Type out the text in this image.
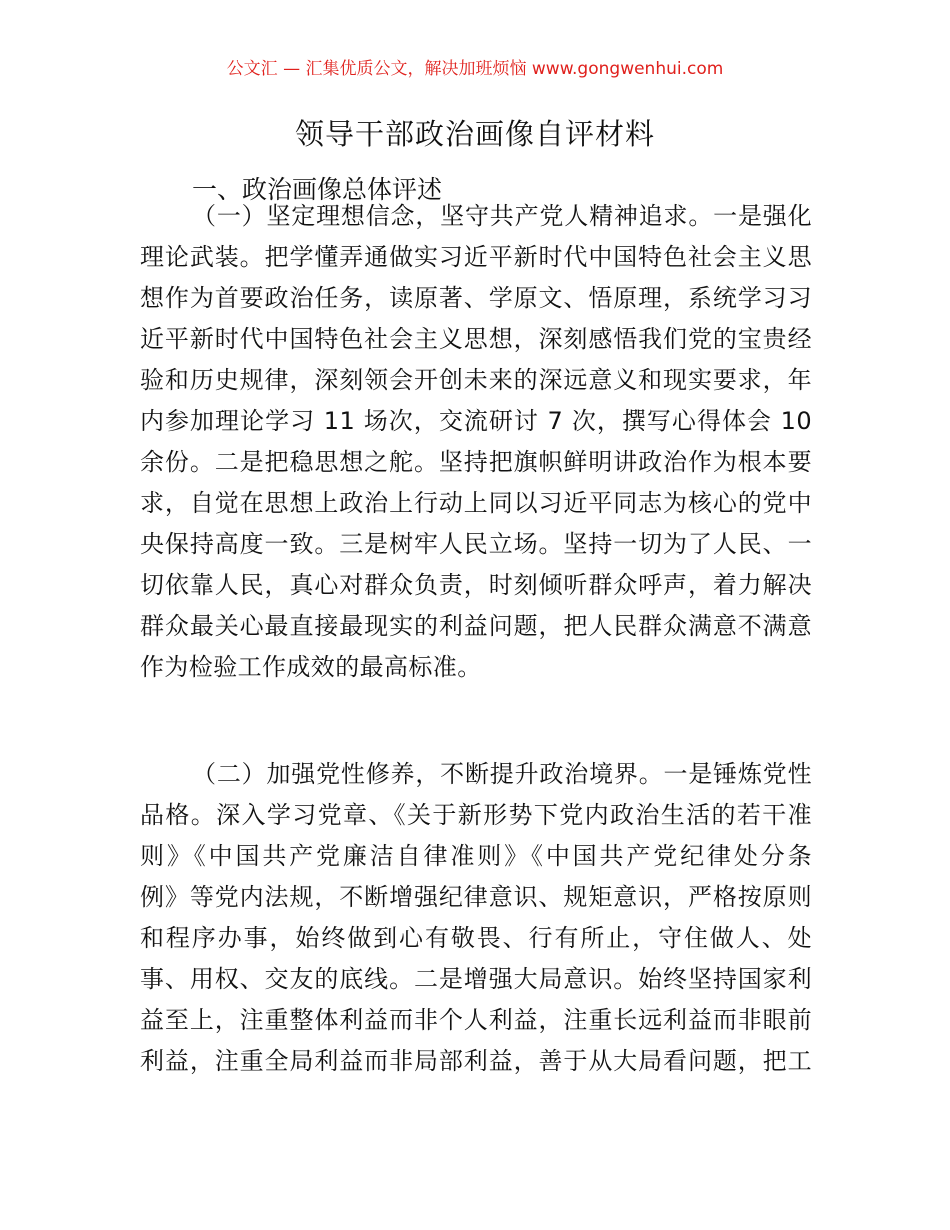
公文汇 — 汇集优质公文，解决加班烦恼 www.gongwenhui.com
领导干部政治画像自评材料
一、政治画像总体评述
（一）坚定理想信念，坚守共产党人精神追求。一是强化
理论武装。把学懂弄通做实习近平新时代中国特色社会主义思
想作为首要政治任务，读原著、学原文、悟原理，系统学习习
近平新时代中国特色社会主义思想，深刻感悟我们党的宝贵经
验和历史规律，深刻领会开创未来的深远意义和现实要求，年
内参加理论学习 11 场次，交流研讨 7 次，撰写心得体会 10
余份。二是把稳思想之舵。坚持把旗帜鲜明讲政治作为根本要
求，自觉在思想上政治上行动上同以习近平同志为核心的党中
央保持高度一致。三是树牢人民立场。坚持一切为了人民、一
切依靠人民，真心对群众负责，时刻倾听群众呼声，着力解决
群众最关心最直接最现实的利益问题，把人民群众满意不满意
作为检验工作成效的最高标准。
（二）加强党性修养，不断提升政治境界。一是锤炼党性
品格。深入学习党章、《关于新形势下党内政治生活的若干准
则》《中国共产党廉洁自律准则》《中国共产党纪律处分条
例》等党内法规，不断增强纪律意识、规矩意识，严格按原则
和程序办事，始终做到心有敬畏、行有所止，守住做人、处
事、用权、交友的底线。二是增强大局意识。始终坚持国家利
益至上，注重整体利益而非个人利益，注重长远利益而非眼前
利益，注重全局利益而非局部利益，善于从大局看问题，把工
